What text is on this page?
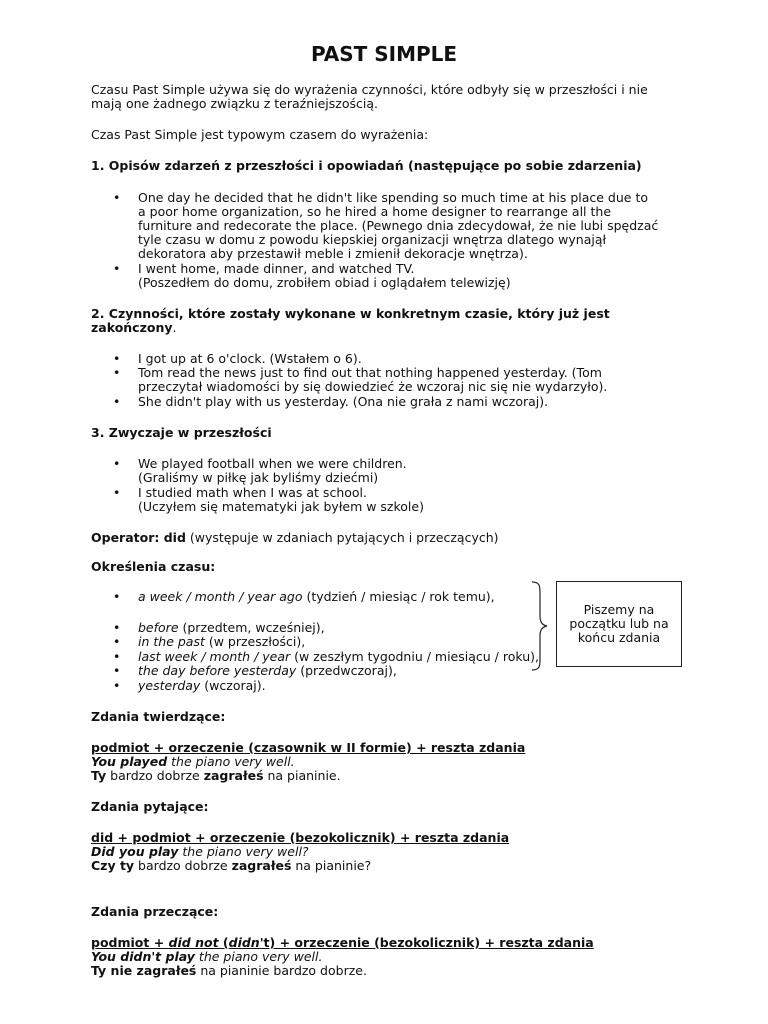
PAST SIMPLE
Czasu Past Simple używa się do wyrażenia czynności, które odbyły się w przeszłości i nie
mają one żadnego związku z teraźniejszością.
Czas Past Simple jest typowym czasem do wyrażenia:
1. Opisów zdarzeń z przeszłości i opowiadań (następujące po sobie zdarzenia)
• One day he decided that he didn't like spending so much time at his place due to
a poor home organization, so he hired a home designer to rearrange all the
furniture and redecorate the place. (Pewnego dnia zdecydował, że nie lubi spędzać
tyle czasu w domu z powodu kiepskiej organizacji wnętrza dlatego wynajął
dekoratora aby przestawił meble i zmienił dekoracje wnętrza).
• I went home, made dinner, and watched TV.
(Poszedłem do domu, zrobiłem obiad i oglądałem telewizję)
2. Czynności, które zostały wykonane w konkretnym czasie, który już jest
zakończony.
• I got up at 6 o'clock. (Wstałem o 6).
• Tom read the news just to find out that nothing happened yesterday. (Tom
przeczytał wiadomości by się dowiedzieć że wczoraj nic się nie wydarzyło).
• She didn't play with us yesterday. (Ona nie grała z nami wczoraj).
3. Zwyczaje w przeszłości
• We played football when we were children.
(Graliśmy w piłkę jak byliśmy dziećmi)
• I studied math when I was at school.
(Uczyłem się matematyki jak byłem w szkole)
Operator: did (występuje w zdaniach pytających i przeczących)
Określenia czasu:
• a week / month / year ago (tydzień / miesiąc / rok temu),
• before (przedtem, wcześniej),
• in the past (w przeszłości),
• last week / month / year (w zeszłym tygodniu / miesiącu / roku),
• the day before yesterday (przedwczoraj),
• yesterday (wczoraj).
Piszemy na
początku lub na
końcu zdania
Zdania twierdzące:
podmiot + orzeczenie (czasownik w II formie) + reszta zdania
You played the piano very well.
Ty bardzo dobrze zagrałeś na pianinie.
Zdania pytające:
did + podmiot + orzeczenie (bezokolicznik) + reszta zdania
Did you play the piano very well?
Czy ty bardzo dobrze zagrałeś na pianinie?
Zdania przeczące:
podmiot + did not (didn't) + orzeczenie (bezokolicznik) + reszta zdania
You didn't play the piano very well.
Ty nie zagrałeś na pianinie bardzo dobrze.
